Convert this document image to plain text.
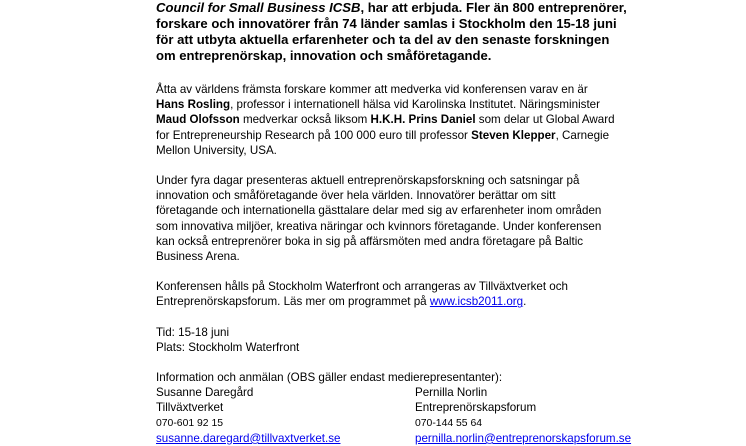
Council for Small Business ICSB, har att erbjuda. Fler än 800 entreprenörer,
forskare och innovatörer från 74 länder samlas i Stockholm den 15-18 juni
för att utbyta aktuella erfarenheter och ta del av den senaste forskningen
om entreprenörskap, innovation och småföretagande.

Åtta av världens främsta forskare kommer att medverka vid konferensen varav en är
Hans Rosling, professor i internationell hälsa vid Karolinska Institutet. Näringsminister
Maud Olofsson medverkar också liksom H.K.H. Prins Daniel som delar ut Global Award
for Entrepreneurship Research på 100 000 euro till professor Steven Klepper, Carnegie
Mellon University, USA.

Under fyra dagar presenteras aktuell entreprenörskapsforskning och satsningar på
innovation och småföretagande över hela världen. Innovatörer berättar om sitt
företagande och internationella gästtalare delar med sig av erfarenheter inom områden
som innovativa miljöer, kreativa näringar och kvinnors företagande. Under konferensen
kan också entreprenörer boka in sig på affärsmöten med andra företagare på Baltic
Business Arena.

Konferensen hålls på Stockholm Waterfront och arrangeras av Tillväxtverket och
Entreprenörskapsforum. Läs mer om programmet på www.icsb2011.org.

Tid: 15-18 juni
Plats: Stockholm Waterfront

Information och anmälan (OBS gäller endast medierepresentanter):

Susanne Daregård
Tillväxtverket
070-601 92 15
susanne.daregard@tillvaxtverket.se
Pernilla Norlin
Entreprenörskapsforum
070-144 55 64
pernilla.norlin@entreprenorskapsforum.se
